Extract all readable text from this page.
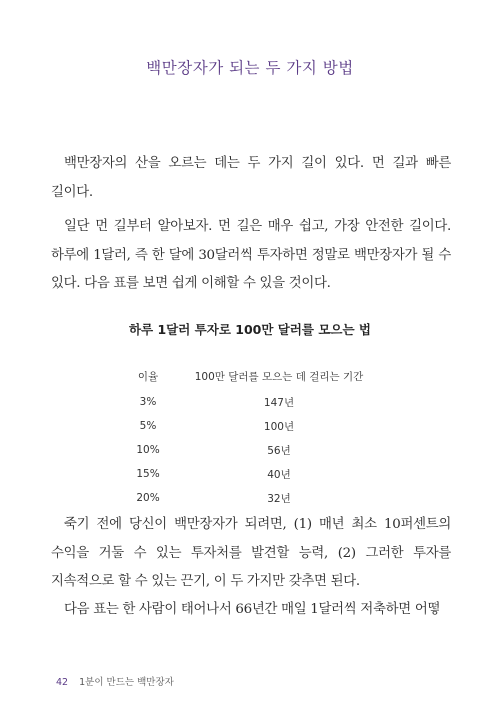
백만장자가 되는 두 가지 방법

백만장자의 산을 오르는 데는 두 가지 길이 있다. 먼 길과 빠른 길이다.

일단 먼 길부터 알아보자. 먼 길은 매우 쉽고, 가장 안전한 길이다. 하루에 1달러, 즉 한 달에 30달러씩 투자하면 정말로 백만장자가 될 수 있다. 다음 표를 보면 쉽게 이해할 수 있을 것이다.

하루 1달러 투자로 100만 달러를 모으는 법
이율	100만 달러를 모으는 데 걸리는 기간
3%	147년
5%	100년
10%	56년
15%	40년
20%	32년

죽기 전에 당신이 백만장자가 되려면, (1) 매년 최소 10퍼센트의 수익을 거둘 수 있는 투자처를 발견할 능력, (2) 그러한 투자를 지속적으로 할 수 있는 끈기, 이 두 가지만 갖추면 된다.

다음 표는 한 사람이 태어나서 66년간 매일 1달러씩 저축하면 어떻

42 1분이 만드는 백만장자
